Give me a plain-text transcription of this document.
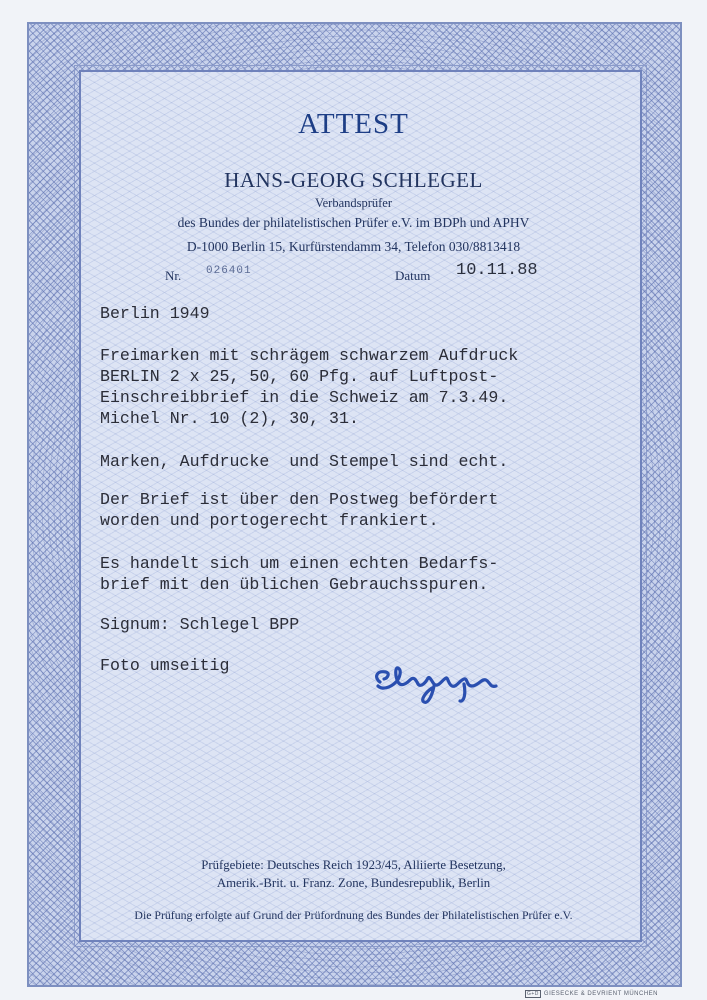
ATTEST
HANS-GEORG SCHLEGEL
Verbandsprüfer
des Bundes der philatelistischen Prüfer e.V. im BDPh und APHV
D-1000 Berlin 15, Kurfürstendamm 34, Telefon 030/8813418
Nr. 026401	Datum 10.11.88
Berlin 1949
Freimarken mit schrägem schwarzem Aufdruck
BERLIN 2 x 25, 50, 60 Pfg. auf Luftpost-
Einschreibbrief in die Schweiz am 7.3.49.
Michel Nr. 10 (2), 30, 31.
Marken, Aufdrucke  und Stempel sind echt.
Der Brief ist über den Postweg befördert
worden und portogerecht frankiert.
Es handelt sich um einen echten Bedarfs-
brief mit den üblichen Gebrauchsspuren.
Signum: Schlegel BPP
Foto umseitig
Prüfgebiete: Deutsches Reich 1923/45, Alliierte Besetzung,
Amerik.-Brit. u. Franz. Zone, Bundesrepublik, Berlin
Die Prüfung erfolgte auf Grund der Prüfordnung des Bundes der Philatelistischen Prüfer e.V.
G+D GIESECKE & DEVRIENT MÜNCHEN
